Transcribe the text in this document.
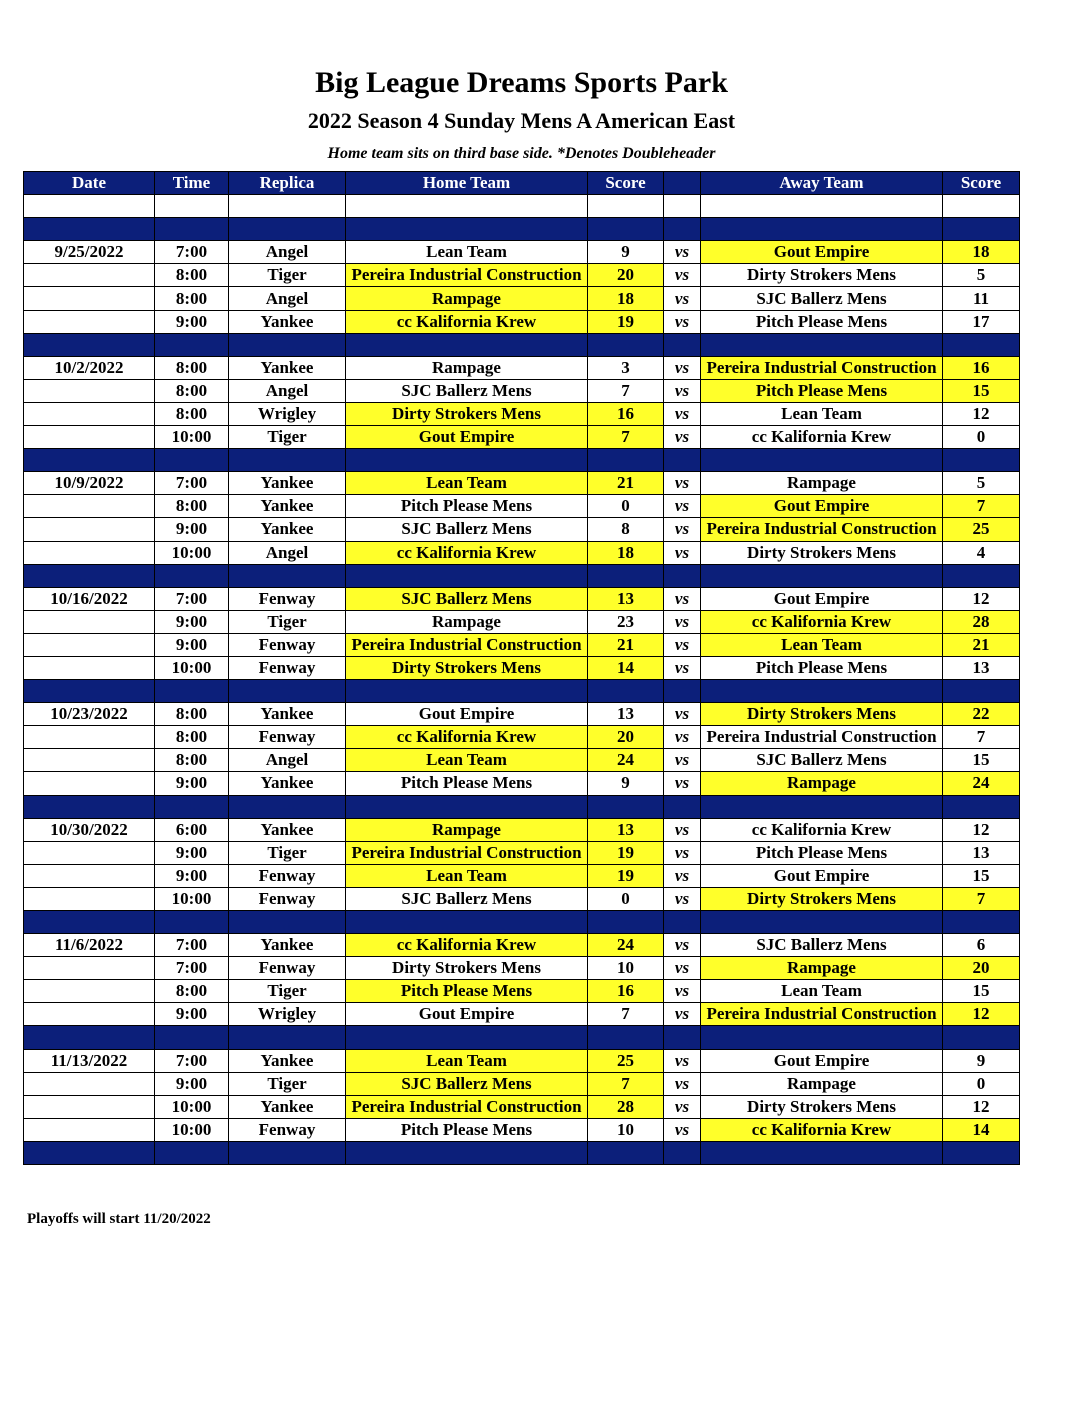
Big League Dreams Sports Park
2022 Season 4 Sunday Mens A American East
Home team sits on third base side. *Denotes Doubleheader
Date	Time	Replica	Home Team	Score		Away Team	Score

9/25/2022	7:00	Angel	Lean Team	9	vs	Gout Empire	18
	8:00	Tiger	Pereira Industrial Construction	20	vs	Dirty Strokers Mens	5
	8:00	Angel	Rampage	18	vs	SJC Ballerz Mens	11
	9:00	Yankee	cc Kalifornia Krew	19	vs	Pitch Please Mens	17

10/2/2022	8:00	Yankee	Rampage	3	vs	Pereira Industrial Construction	16
	8:00	Angel	SJC Ballerz Mens	7	vs	Pitch Please Mens	15
	8:00	Wrigley	Dirty Strokers Mens	16	vs	Lean Team	12
	10:00	Tiger	Gout Empire	7	vs	cc Kalifornia Krew	0

10/9/2022	7:00	Yankee	Lean Team	21	vs	Rampage	5
	8:00	Yankee	Pitch Please Mens	0	vs	Gout Empire	7
	9:00	Yankee	SJC Ballerz Mens	8	vs	Pereira Industrial Construction	25
	10:00	Angel	cc Kalifornia Krew	18	vs	Dirty Strokers Mens	4

10/16/2022	7:00	Fenway	SJC Ballerz Mens	13	vs	Gout Empire	12
	9:00	Tiger	Rampage	23	vs	cc Kalifornia Krew	28
	9:00	Fenway	Pereira Industrial Construction	21	vs	Lean Team	21
	10:00	Fenway	Dirty Strokers Mens	14	vs	Pitch Please Mens	13

10/23/2022	8:00	Yankee	Gout Empire	13	vs	Dirty Strokers Mens	22
	8:00	Fenway	cc Kalifornia Krew	20	vs	Pereira Industrial Construction	7
	8:00	Angel	Lean Team	24	vs	SJC Ballerz Mens	15
	9:00	Yankee	Pitch Please Mens	9	vs	Rampage	24

10/30/2022	6:00	Yankee	Rampage	13	vs	cc Kalifornia Krew	12
	9:00	Tiger	Pereira Industrial Construction	19	vs	Pitch Please Mens	13
	9:00	Fenway	Lean Team	19	vs	Gout Empire	15
	10:00	Fenway	SJC Ballerz Mens	0	vs	Dirty Strokers Mens	7

11/6/2022	7:00	Yankee	cc Kalifornia Krew	24	vs	SJC Ballerz Mens	6
	7:00	Fenway	Dirty Strokers Mens	10	vs	Rampage	20
	8:00	Tiger	Pitch Please Mens	16	vs	Lean Team	15
	9:00	Wrigley	Gout Empire	7	vs	Pereira Industrial Construction	12

11/13/2022	7:00	Yankee	Lean Team	25	vs	Gout Empire	9
	9:00	Tiger	SJC Ballerz Mens	7	vs	Rampage	0
	10:00	Yankee	Pereira Industrial Construction	28	vs	Dirty Strokers Mens	12
	10:00	Fenway	Pitch Please Mens	10	vs	cc Kalifornia Krew	14

Playoffs will start 11/20/2022
